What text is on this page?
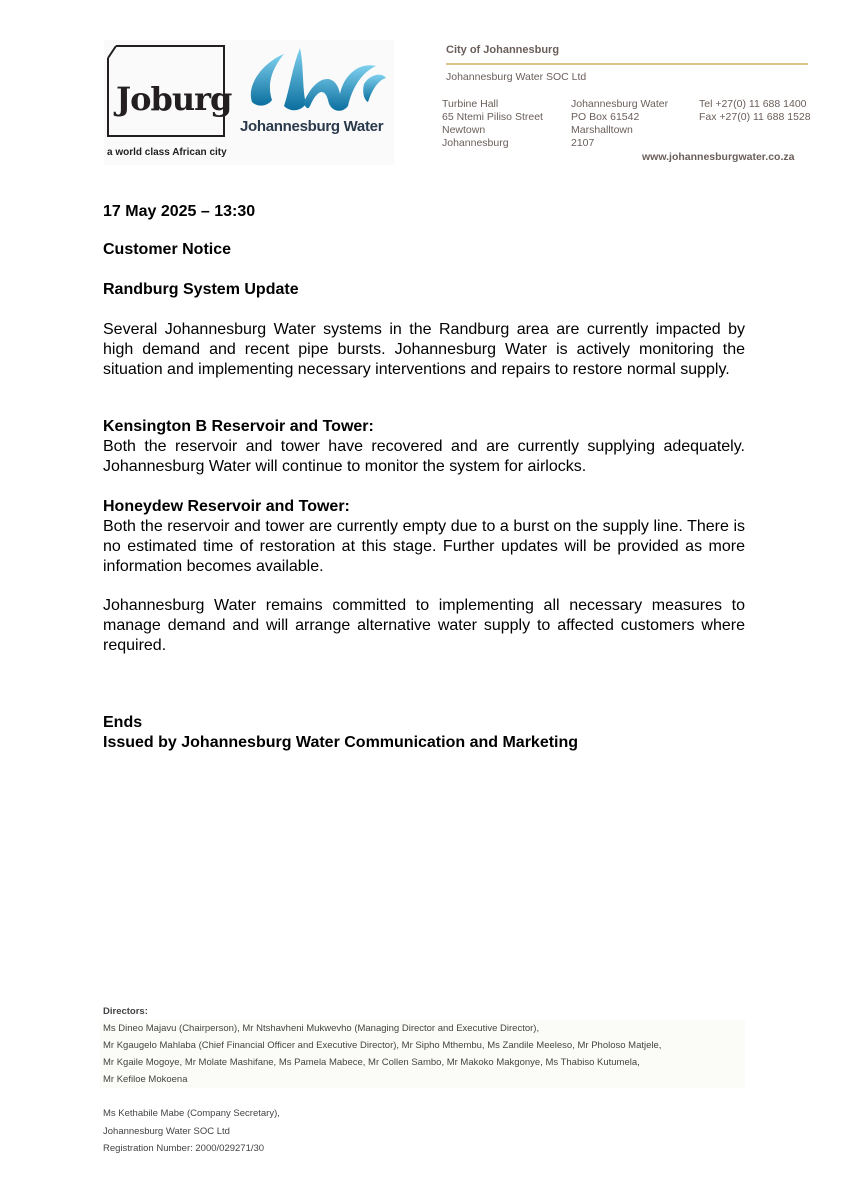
Joburg
a world class African city
Johannesburg Water
City of Johannesburg
Johannesburg Water SOC Ltd
Turbine Hall
65 Ntemi Piliso Street
Newtown
Johannesburg
Johannesburg Water
PO Box 61542
Marshalltown
2107
Tel +27(0) 11 688 1400
Fax +27(0) 11 688 1528
www.johannesburgwater.co.za
17 May 2025 – 13:30
Customer Notice
Randburg System Update
Several Johannesburg Water systems in the Randburg area are currently impacted by high demand and recent pipe bursts. Johannesburg Water is actively monitoring the situation and implementing necessary interventions and repairs to restore normal supply.
Kensington B Reservoir and Tower:
Both the reservoir and tower have recovered and are currently supplying adequately. Johannesburg Water will continue to monitor the system for airlocks.
Honeydew Reservoir and Tower:
Both the reservoir and tower are currently empty due to a burst on the supply line. There is no estimated time of restoration at this stage. Further updates will be provided as more information becomes available.
Johannesburg Water remains committed to implementing all necessary measures to manage demand and will arrange alternative water supply to affected customers where required.
Ends
Issued by Johannesburg Water Communication and Marketing
Directors:
Ms Dineo Majavu (Chairperson), Mr Ntshavheni Mukwevho (Managing Director and Executive Director),
Mr Kgaugelo Mahlaba (Chief Financial Officer and Executive Director), Mr Sipho Mthembu, Ms Zandile Meeleso, Mr Pholoso Matjele,
Mr Kgaile Mogoye, Mr Molate Mashifane, Ms Pamela Mabece, Mr Collen Sambo, Mr Makoko Makgonye, Ms Thabiso Kutumela,
Mr Kefiloe Mokoena
Ms Kethabile Mabe (Company Secretary),
Johannesburg Water SOC Ltd
Registration Number: 2000/029271/30
